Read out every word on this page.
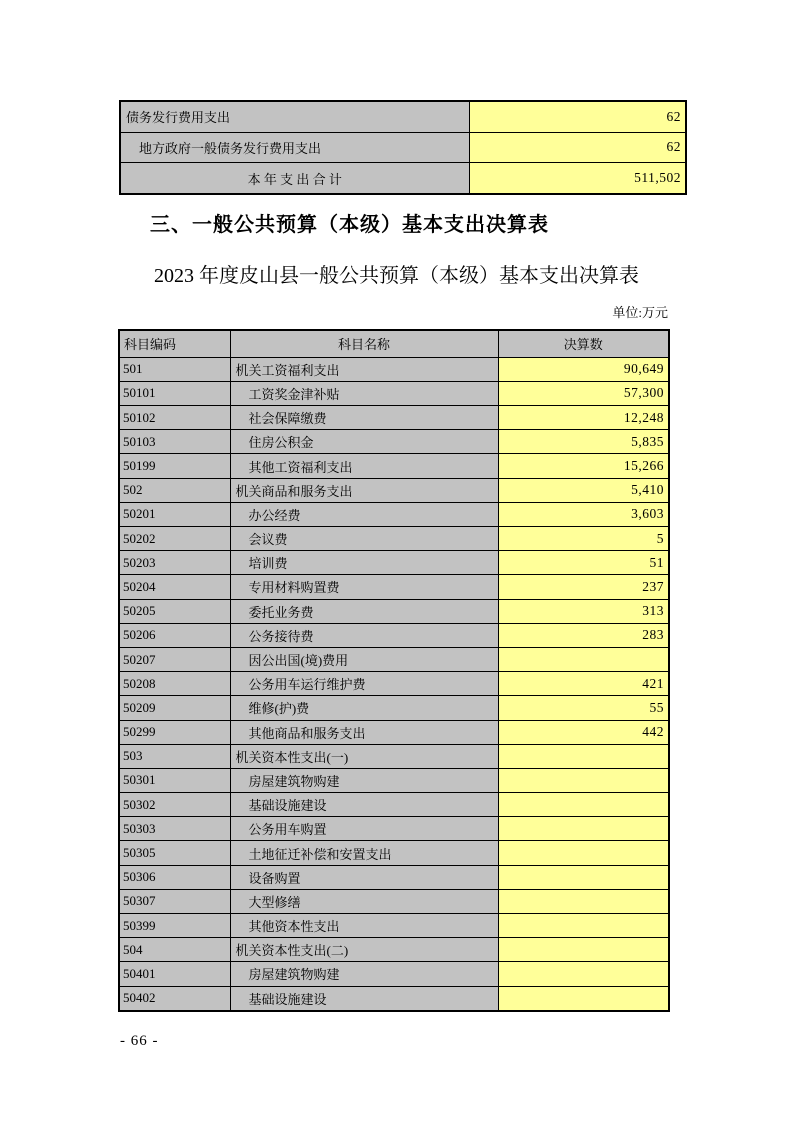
债务发行费用支出	62
地方政府一般债务发行费用支出	62
本 年 支 出 合 计	511,502
三、一般公共预算（本级）基本支出决算表
2023 年度皮山县一般公共预算（本级）基本支出决算表
单位:万元
科目编码	科目名称	决算数
501	机关工资福利支出	90,649
50101	工资奖金津补贴	57,300
50102	社会保障缴费	12,248
50103	住房公积金	5,835
50199	其他工资福利支出	15,266
502	机关商品和服务支出	5,410
50201	办公经费	3,603
50202	会议费	5
50203	培训费	51
50204	专用材料购置费	237
50205	委托业务费	313
50206	公务接待费	283
50207	因公出国(境)费用	
50208	公务用车运行维护费	421
50209	维修(护)费	55
50299	其他商品和服务支出	442
503	机关资本性支出(一)	
50301	房屋建筑物购建	
50302	基础设施建设	
50303	公务用车购置	
50305	土地征迁补偿和安置支出	
50306	设备购置	
50307	大型修缮	
50399	其他资本性支出	
504	机关资本性支出(二)	
50401	房屋建筑物购建	
50402	基础设施建设	
- 66 -
